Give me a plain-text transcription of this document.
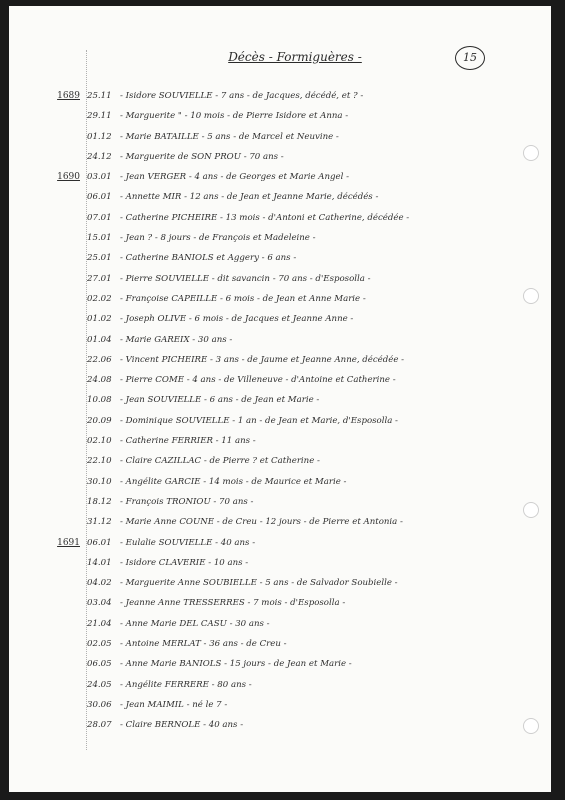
Décès - Formiguères -	15
1689 25.11 - Isidore SOUVIELLE - 7 ans - de Jacques, décédé, et ? -
29.11 - Marguerite " - 10 mois - de Pierre Isidore et Anna -
01.12 - Marie BATAILLE - 5 ans - de Marcel et Neuvine -
24.12 - Marguerite de SON PROU - 70 ans -
1690 03.01 - Jean VERGER - 4 ans - de Georges et Marie Angel -
06.01 - Annette MIR - 12 ans - de Jean et Jeanne Marie, décédés -
07.01 - Catherine PICHEIRE - 13 mois - d'Antoni et Catherine, décédée -
15.01 - Jean ? - 8 jours - de François et Madeleine -
25.01 - Catherine BANIOLS et Aggery - 6 ans -
27.01 - Pierre SOUVIELLE - dit savancin - 70 ans - d'Esposolla -
02.02 - Françoise CAPEILLE - 6 mois - de Jean et Anne Marie -
01.02 - Joseph OLIVE - 6 mois - de Jacques et Jeanne Anne -
01.04 - Marie GAREIX - 30 ans -
22.06 - Vincent PICHEIRE - 3 ans - de Jaume et Jeanne Anne, décédée -
24.08 - Pierre COME - 4 ans - de Villeneuve - d'Antoine et Catherine -
10.08 - Jean SOUVIELLE - 6 ans - de Jean et Marie -
20.09 - Dominique SOUVIELLE - 1 an - de Jean et Marie, d'Esposolla -
02.10 - Catherine FERRIER - 11 ans -
22.10 - Claire CAZILLAC - de Pierre ? et Catherine -
30.10 - Angélite GARCIE - 14 mois - de Maurice et Marie -
18.12 - François TRONIOU - 70 ans -
31.12 - Marie Anne COUNE - de Creu - 12 jours - de Pierre et Antonia -
1691 06.01 - Eulalie SOUVIELLE - 40 ans -
14.01 - Isidore CLAVERIE - 10 ans -
04.02 - Marguerite Anne SOUBIELLE - 5 ans - de Salvador Soubielle -
03.04 - Jeanne Anne TRESSERRES - 7 mois - d'Esposolla -
21.04 - Anne Marie DEL CASU - 30 ans -
02.05 - Antoine MERLAT - 36 ans - de Creu -
06.05 - Anne Marie BANIOLS - 15 jours - de Jean et Marie -
24.05 - Angélite FERRERE - 80 ans -
30.06 - Jean MAIMIL - né le 7 -
28.07 - Claire BERNOLE - 40 ans -
